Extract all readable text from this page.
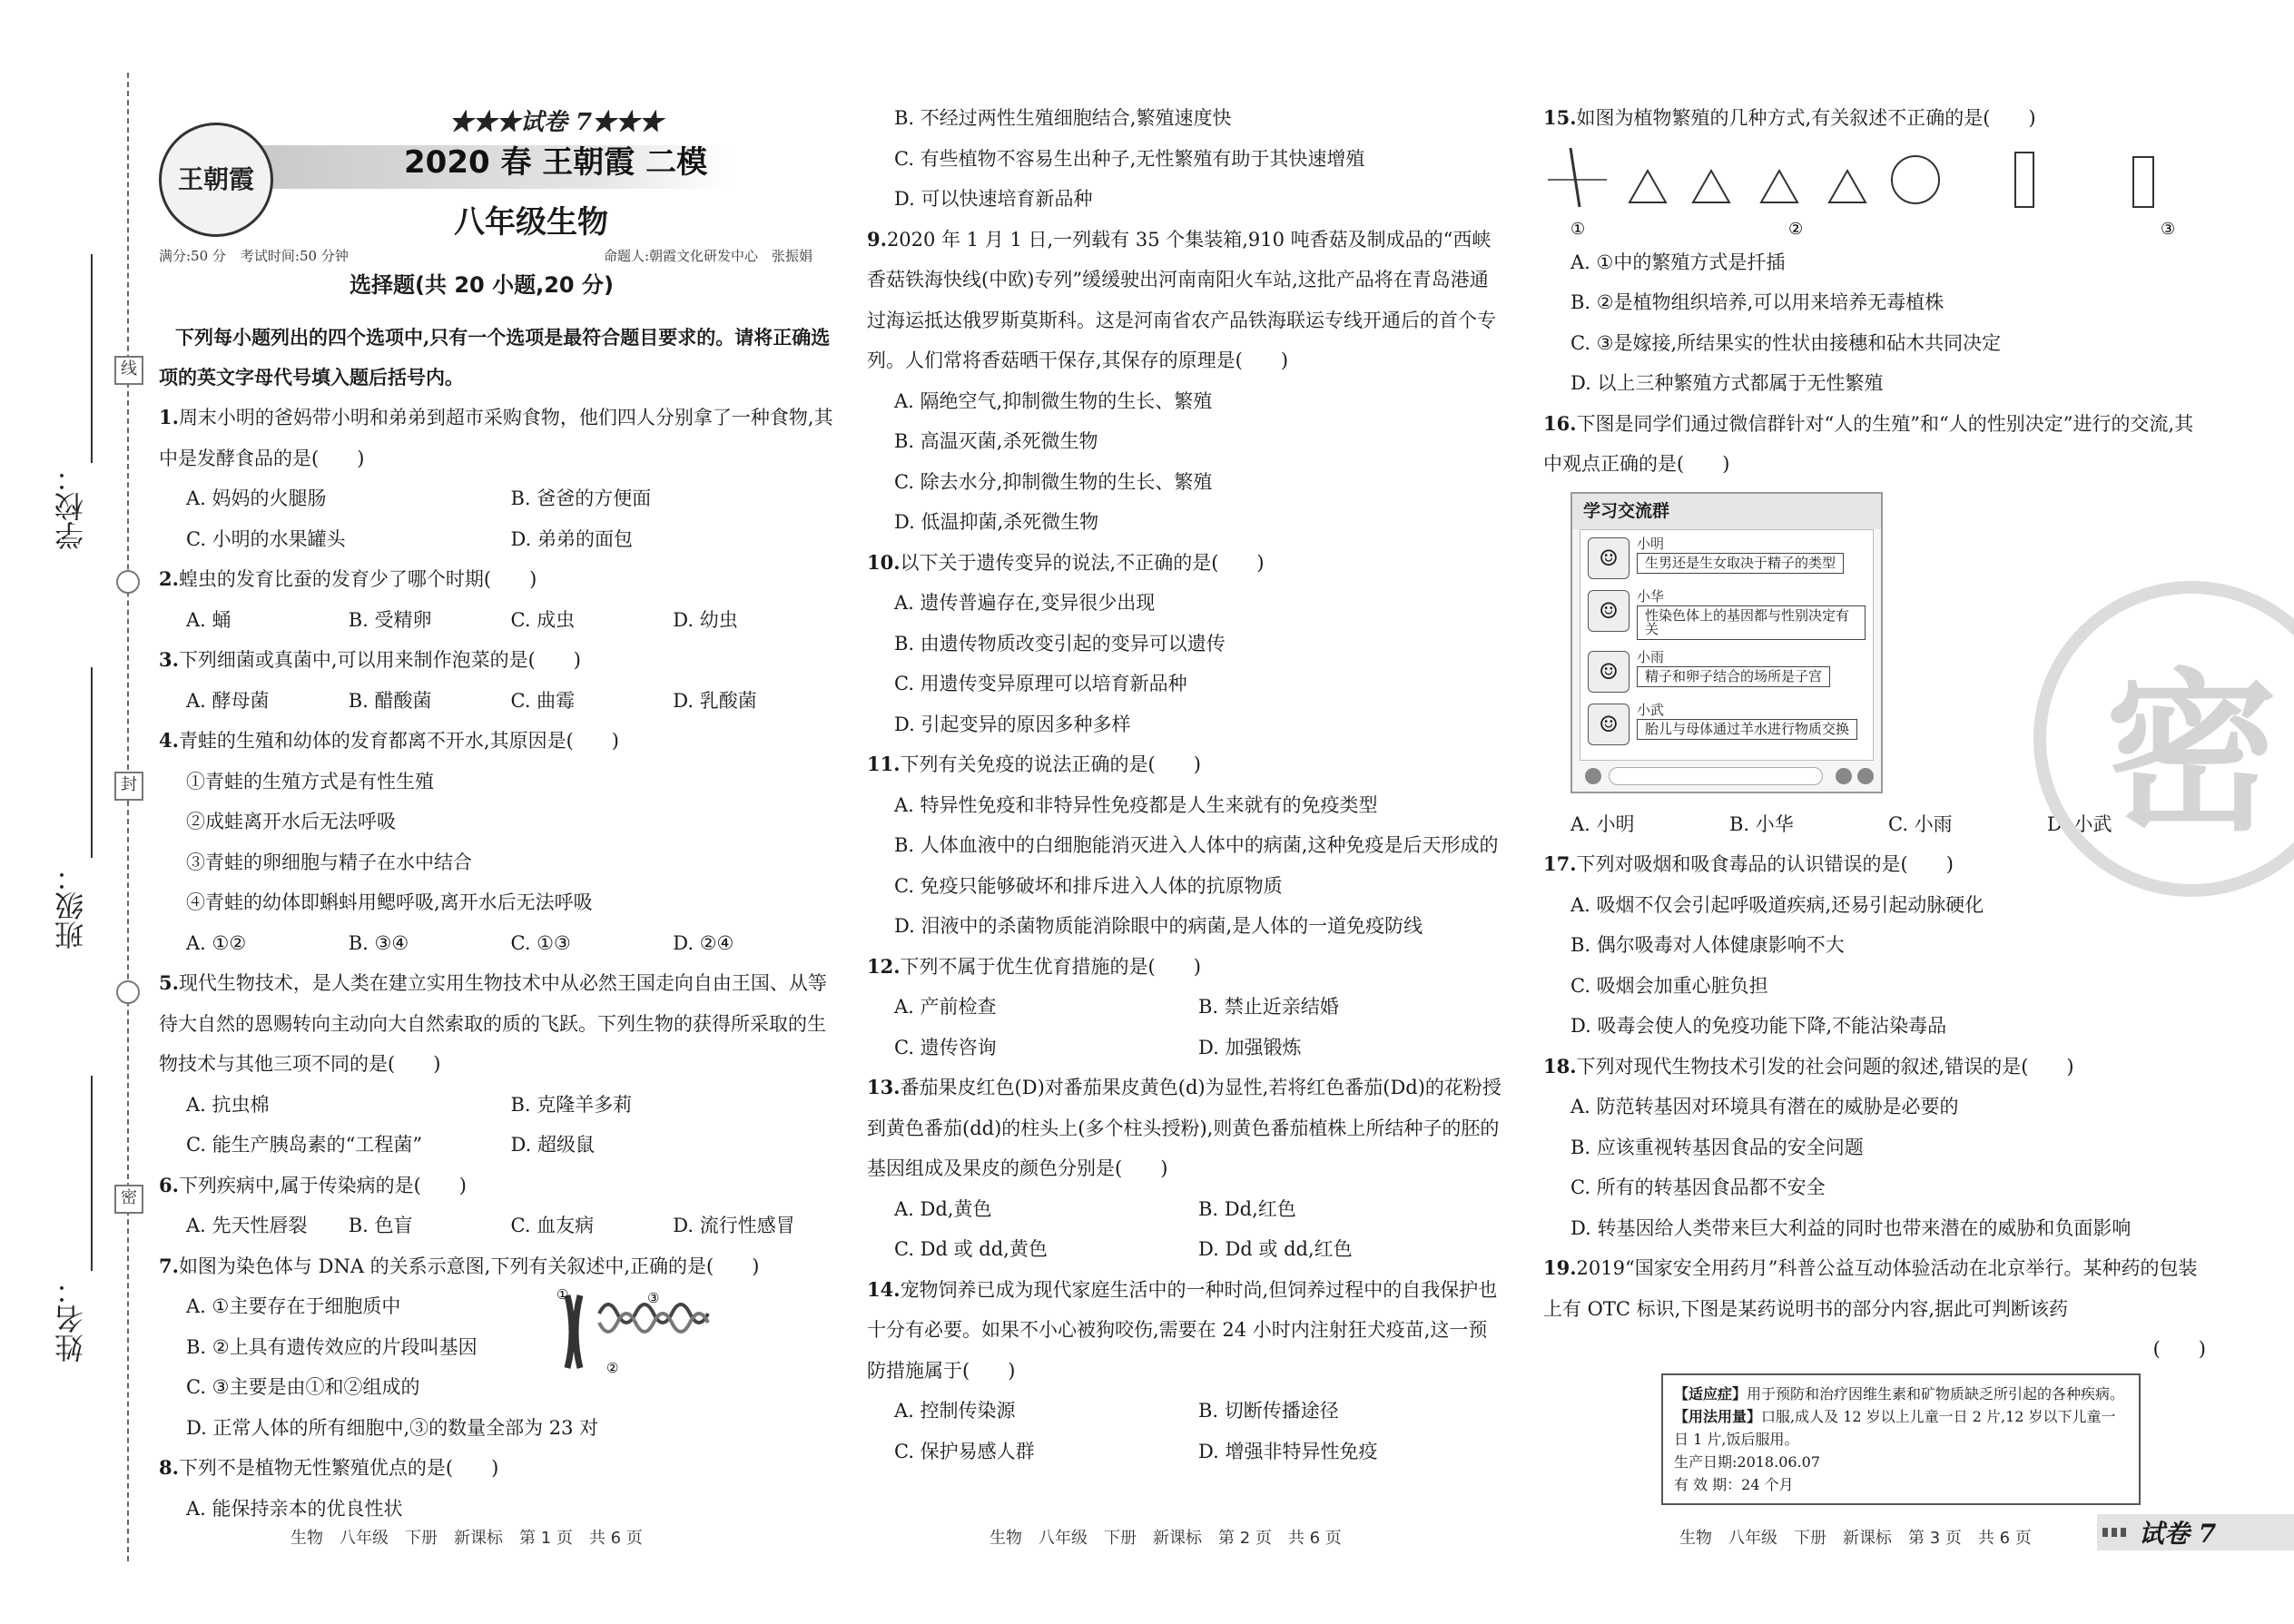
线
封
密
学校：
班级：
姓名：
王朝霞
★★★试卷 7★★★
2020 春 王朝霞 二模
八年级生物
满分:50 分 考试时间:50 分钟	命题人:朝霞文化研发中心　张振娟
选择题(共 20 小题,20 分)
下列每小题列出的四个选项中,只有一个选项是最符合题目要求的。请将正确选项的英文字母代号填入题后括号内。
1.周末小明的爸妈带小明和弟弟到超市采购食物，他们四人分别拿了一种食物,其中是发酵食品的是(　　)
A. 妈妈的火腿肠	B. 爸爸的方便面
C. 小明的水果罐头	D. 弟弟的面包
2.蝗虫的发育比蚕的发育少了哪个时期(　　)
A. 蛹	B. 受精卵	C. 成虫	D. 幼虫
3.下列细菌或真菌中,可以用来制作泡菜的是(　　)
A. 酵母菌	B. 醋酸菌	C. 曲霉	D. 乳酸菌
4.青蛙的生殖和幼体的发育都离不开水,其原因是(　　)
①青蛙的生殖方式是有性生殖
②成蛙离开水后无法呼吸
③青蛙的卵细胞与精子在水中结合
④青蛙的幼体即蝌蚪用鳃呼吸,离开水后无法呼吸
A. ①②	B. ③④	C. ①③	D. ②④
5.现代生物技术，是人类在建立实用生物技术中从必然王国走向自由王国、从等待大自然的恩赐转向主动向大自然索取的质的飞跃。下列生物的获得所采取的生物技术与其他三项不同的是(　　)
A. 抗虫棉	B. 克隆羊多莉
C. 能生产胰岛素的“工程菌”	D. 超级鼠
6.下列疾病中,属于传染病的是(　　)
A. 先天性唇裂	B. 色盲	C. 血友病	D. 流行性感冒
7.如图为染色体与 DNA 的关系示意图,下列有关叙述中,正确的是(　　)
①
②
③
A. ①主要存在于细胞质中
B. ②上具有遗传效应的片段叫基因
C. ③主要是由①和②组成的
D. 正常人体的所有细胞中,③的数量全部为 23 对
8.下列不是植物无性繁殖优点的是(　　)
A. 能保持亲本的优良性状
B. 不经过两性生殖细胞结合,繁殖速度快
C. 有些植物不容易生出种子,无性繁殖有助于其快速增殖
D. 可以快速培育新品种
9.2020 年 1 月 1 日,一列载有 35 个集装箱,910 吨香菇及制成品的“西峡香菇铁海快线(中欧)专列”缓缓驶出河南南阳火车站,这批产品将在青岛港通过海运抵达俄罗斯莫斯科。这是河南省农产品铁海联运专线开通后的首个专列。人们常将香菇晒干保存,其保存的原理是(　　)
A. 隔绝空气,抑制微生物的生长、繁殖
B. 高温灭菌,杀死微生物
C. 除去水分,抑制微生物的生长、繁殖
D. 低温抑菌,杀死微生物
10.以下关于遗传变异的说法,不正确的是(　　)
A. 遗传普遍存在,变异很少出现
B. 由遗传物质改变引起的变异可以遗传
C. 用遗传变异原理可以培育新品种
D. 引起变异的原因多种多样
11.下列有关免疫的说法正确的是(　　)
A. 特异性免疫和非特异性免疫都是人生来就有的免疫类型
B. 人体血液中的白细胞能消灭进入人体中的病菌,这种免疫是后天形成的
C. 免疫只能够破坏和排斥进入人体的抗原物质
D. 泪液中的杀菌物质能消除眼中的病菌,是人体的一道免疫防线
12.下列不属于优生优育措施的是(　　)
A. 产前检查	B. 禁止近亲结婚
C. 遗传咨询	D. 加强锻炼
13.番茄果皮红色(D)对番茄果皮黄色(d)为显性,若将红色番茄(Dd)的花粉授到黄色番茄(dd)的柱头上(多个柱头授粉),则黄色番茄植株上所结种子的胚的基因组成及果皮的颜色分别是(　　)
A. Dd,黄色	B. Dd,红色
C. Dd 或 dd,黄色	D. Dd 或 dd,红色
14.宠物饲养已成为现代家庭生活中的一种时尚,但饲养过程中的自我保护也十分有必要。如果不小心被狗咬伤,需要在 24 小时内注射狂犬疫苗,这一预防措施属于(　　)
A. 控制传染源	B. 切断传播途径
C. 保护易感人群	D. 增强非特异性免疫
15.如图为植物繁殖的几种方式,有关叙述不正确的是(　　)
①	②	③
A. ①中的繁殖方式是扦插
B. ②是植物组织培养,可以用来培养无毒植株
C. ③是嫁接,所结果实的性状由接穗和砧木共同决定
D. 以上三种繁殖方式都属于无性繁殖
16.下图是同学们通过微信群针对“人的生殖”和“人的性别决定”进行的交流,其中观点正确的是(　　)
学习交流群
☺
小明
生男还是生女取决于精子的类型
☺
小华
性染色体上的基因都与性别决定有关
☺
小雨
精子和卵子结合的场所是子宫
☺
小武
胎儿与母体通过羊水进行物质交换
A. 小明	B. 小华	C. 小雨	D. 小武
17.下列对吸烟和吸食毒品的认识错误的是(　　)
A. 吸烟不仅会引起呼吸道疾病,还易引起动脉硬化
B. 偶尔吸毒对人体健康影响不大
C. 吸烟会加重心脏负担
D. 吸毒会使人的免疫功能下降,不能沾染毒品
18.下列对现代生物技术引发的社会问题的叙述,错误的是(　　)
A. 防范转基因对环境具有潜在的威胁是必要的
B. 应该重视转基因食品的安全问题
C. 所有的转基因食品都不安全
D. 转基因给人类带来巨大利益的同时也带来潜在的威胁和负面影响
19.2019“国家安全用药月”科普公益互动体验活动在北京举行。某种药的包装上有 OTC 标识,下图是某药说明书的部分内容,据此可判断该药
(　　)
【适应症】用于预防和治疗因维生素和矿物质缺乏所引起的各种疾病。
【用法用量】口服,成人及 12 岁以上儿童一日 2 片,12 岁以下儿童一日 1 片,饭后服用。
生产日期:2018.06.07
有 效 期：24 个月
密
生物　八年级　下册　新课标　第 1 页　共 6 页	生物　八年级　下册　新课标　第 2 页　共 6 页	生物　八年级　下册　新课标　第 3 页　共 6 页	试卷 7
